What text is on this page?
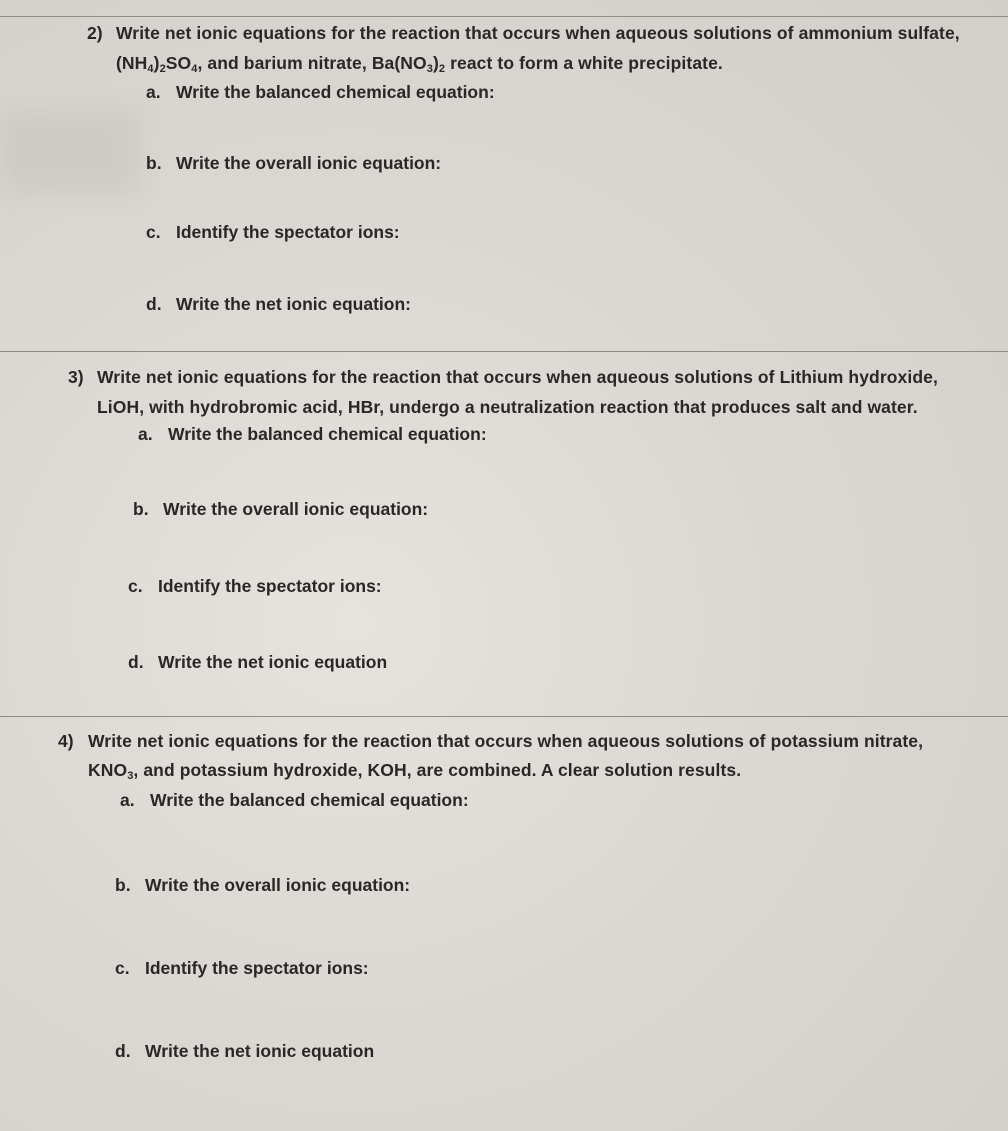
2) Write net ionic equations for the reaction that occurs when aqueous solutions of ammonium sulfate,
$(NH_4)_2SO_4$, and barium nitrate, $Ba(NO_3)_2$ react to form a white precipitate.
a. Write the balanced chemical equation:
b. Write the overall ionic equation:
c. Identify the spectator ions:
d. Write the net ionic equation:
3) Write net ionic equations for the reaction that occurs when aqueous solutions of Lithium hydroxide,
LiOH, with hydrobromic acid, HBr, undergo a neutralization reaction that produces salt and water.
a. Write the balanced chemical equation:
b. Write the overall ionic equation:
c. Identify the spectator ions:
d. Write the net ionic equation
4) Write net ionic equations for the reaction that occurs when aqueous solutions of potassium nitrate,
$KNO_3$, and potassium hydroxide, KOH, are combined. A clear solution results.
a. Write the balanced chemical equation:
b. Write the overall ionic equation:
c. Identify the spectator ions:
d. Write the net ionic equation
